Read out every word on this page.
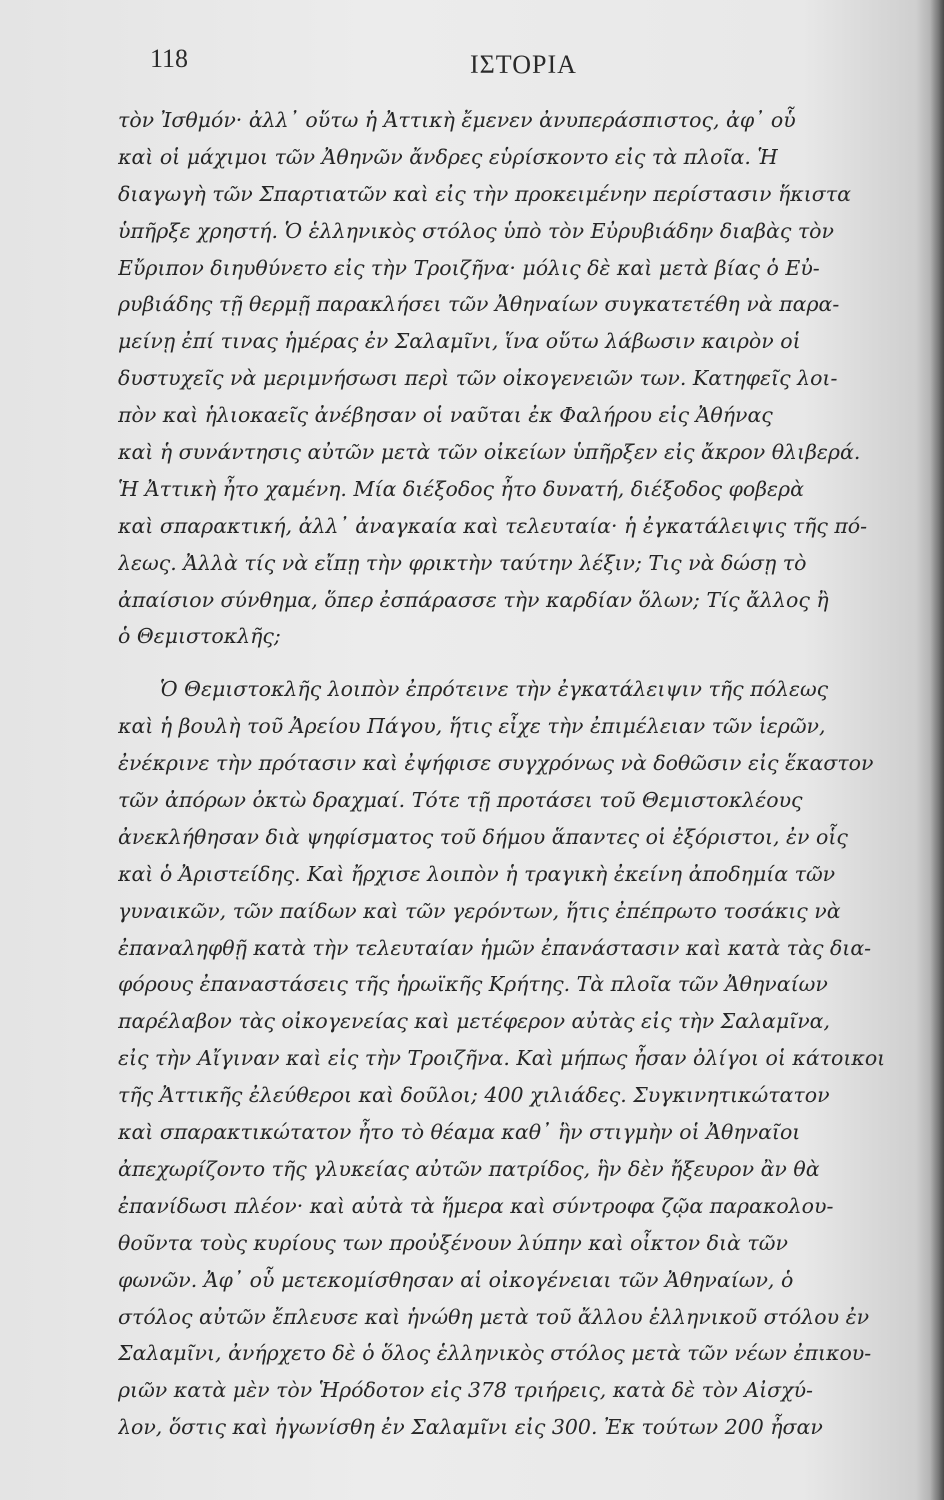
118	ΙΣΤΟΡΙΑ
τὸν Ἰσθμόν· ἀλλ᾽ οὕτω ἡ Ἀττικὴ ἔμενεν ἀνυπεράσπιστος, ἀφ᾽ οὗ
καὶ οἱ μάχιμοι τῶν Ἀθηνῶν ἄνδρες εὑρίσκοντο εἰς τὰ πλοῖα. Ἡ
διαγωγὴ τῶν Σπαρτιατῶν καὶ εἰς τὴν προκειμένην περίστασιν ἥκιστα
ὑπῆρξε χρηστή. Ὁ ἑλληνικὸς στόλος ὑπὸ τὸν Εὐρυβιάδην διαβὰς τὸν
Εὔριπον διηυθύνετο εἰς τὴν Τροιζῆνα· μόλις δὲ καὶ μετὰ βίας ὁ Εὐ-
ρυβιάδης τῇ θερμῇ παρακλήσει τῶν Ἀθηναίων συγκατετέθη νὰ παρα-
μείνῃ ἐπί τινας ἡμέρας ἐν Σαλαμῖνι, ἵνα οὕτω λάβωσιν καιρὸν οἱ
δυστυχεῖς νὰ μεριμνήσωσι περὶ τῶν οἰκογενειῶν των. Κατηφεῖς λοι-
πὸν καὶ ἡλιοκαεῖς ἀνέβησαν οἱ ναῦται ἐκ Φαλήρου εἰς Ἀθήνας
καὶ ἡ συνάντησις αὐτῶν μετὰ τῶν οἰκείων ὑπῆρξεν εἰς ἄκρον θλιβερά.
Ἡ Ἀττικὴ ἦτο χαμένη. Μία διέξοδος ἦτο δυνατή, διέξοδος φοβερὰ
καὶ σπαρακτική, ἀλλ᾽ ἀναγκαία καὶ τελευταία· ἡ ἐγκατάλειψις τῆς πό-
λεως. Ἀλλὰ τίς νὰ εἴπῃ τὴν φρικτὴν ταύτην λέξιν; Τις νὰ δώσῃ τὸ
ἀπαίσιον σύνθημα, ὅπερ ἐσπάρασσε τὴν καρδίαν ὅλων; Τίς ἄλλος ἢ
ὁ Θεμιστοκλῆς;
Ὁ Θεμιστοκλῆς λοιπὸν ἐπρότεινε τὴν ἐγκατάλειψιν τῆς πόλεως
καὶ ἡ βουλὴ τοῦ Ἀρείου Πάγου, ἥτις εἶχε τὴν ἐπιμέλειαν τῶν ἱερῶν,
ἐνέκρινε τὴν πρότασιν καὶ ἐψήφισε συγχρόνως νὰ δοθῶσιν εἰς ἕκαστον
τῶν ἀπόρων ὀκτὼ δραχμαί. Τότε τῇ προτάσει τοῦ Θεμιστοκλέους
ἀνεκλήθησαν διὰ ψηφίσματος τοῦ δήμου ἅπαντες οἱ ἐξόριστοι, ἐν οἷς
καὶ ὁ Ἀριστείδης. Καὶ ἤρχισε λοιπὸν ἡ τραγικὴ ἐκείνη ἀποδημία τῶν
γυναικῶν, τῶν παίδων καὶ τῶν γερόντων, ἥτις ἐπέπρωτο τοσάκις νὰ
ἐπαναληφθῇ κατὰ τὴν τελευταίαν ἡμῶν ἐπανάστασιν καὶ κατὰ τὰς δια-
φόρους ἐπαναστάσεις τῆς ἡρωϊκῆς Κρήτης. Τὰ πλοῖα τῶν Ἀθηναίων
παρέλαβον τὰς οἰκογενείας καὶ μετέφερον αὐτὰς εἰς τὴν Σαλαμῖνα,
εἰς τὴν Αἴγιναν καὶ εἰς τὴν Τροιζῆνα. Καὶ μήπως ἦσαν ὀλίγοι οἱ κάτοικοι
τῆς Ἀττικῆς ἐλεύθεροι καὶ δοῦλοι; 400 χιλιάδες. Συγκινητικώτατον
καὶ σπαρακτικώτατον ἦτο τὸ θέαμα καθ᾽ ἣν στιγμὴν οἱ Ἀθηναῖοι
ἀπεχωρίζοντο τῆς γλυκείας αὐτῶν πατρίδος, ἣν δὲν ἤξευρον ἂν θὰ
ἐπανίδωσι πλέον· καὶ αὐτὰ τὰ ἥμερα καὶ σύντροφα ζῷα παρακολου-
θοῦντα τοὺς κυρίους των προὐξένουν λύπην καὶ οἶκτον διὰ τῶν
φωνῶν. Ἀφ᾽ οὗ μετεκομίσθησαν αἱ οἰκογένειαι τῶν Ἀθηναίων, ὁ
στόλος αὐτῶν ἔπλευσε καὶ ἡνώθη μετὰ τοῦ ἄλλου ἑλληνικοῦ στόλου ἐν
Σαλαμῖνι, ἀνήρχετο δὲ ὁ ὅλος ἑλληνικὸς στόλος μετὰ τῶν νέων ἐπικου-
ριῶν κατὰ μὲν τὸν Ἡρόδοτον εἰς 378 τριήρεις, κατὰ δὲ τὸν Αἰσχύ-
λον, ὅστις καὶ ἠγωνίσθη ἐν Σαλαμῖνι εἰς 300. Ἐκ τούτων 200 ἦσαν
